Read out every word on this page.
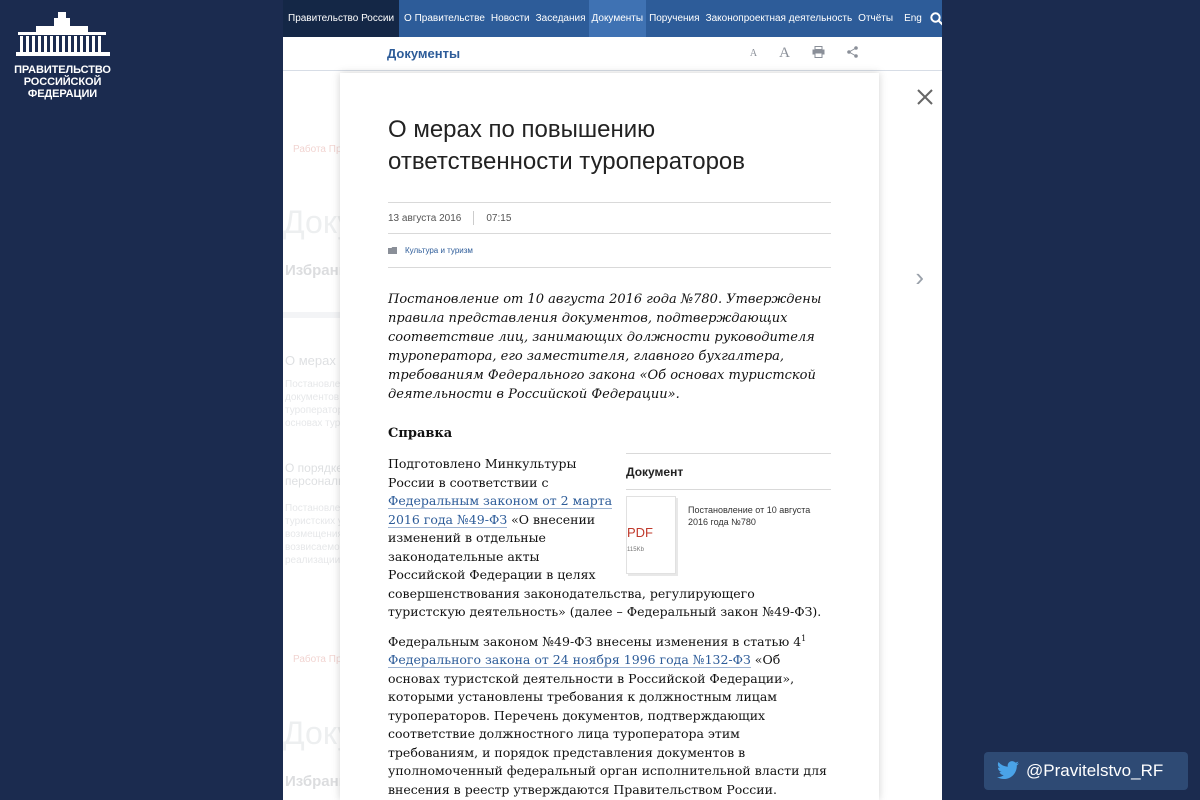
ПРАВИТЕЛЬСТВО
РОССИЙСКОЙ
ФЕДЕРАЦИИ
Правительство России	О Правительстве Новости Заседания Документы Поручения Законопроектная деятельность Отчёты	Eng
Документы	A A
›
О мерах по повышению ответственности туроператоров
13 августа 2016	07:15
Культура и туризм

Постановление от 10 августа 2016 года №780. Утверждены правила представления документов, подтверждающих соответствие лиц, занимающих должности руководителя туроператора, его заместителя, главного бухгалтера, требованиям Федерального закона «Об основах туристской деятельности в Российской Федерации».

Справка
Документ
PDF
115Kb
Постановление от 10 августа 2016 года №780

Подготовлено Минкультуры России в соответствии с Федеральным законом от 2 марта 2016 года №49-ФЗ «О внесении изменений в отдельные законодательные акты Российской Федерации в целях совершенствования законодательства, регулирующего туристскую деятельность» (далее – Федеральный закон №49-ФЗ).

Федеральным законом №49-ФЗ внесены изменения в статью $4^1$ Федерального закона от 24 ноября 1996 года №132-ФЗ «Об основах туристской деятельности в Российской Федерации», которыми установлены требования к должностным лицам туроператоров. Перечень документов, подтверждающих соответствие должностного лица туроператора этим требованиям, и порядок представления документов в уполномоченный федеральный орган исполнительной власти для внесения в реестр утверждаются Правительством России.

@Pravitelstvo_RF
